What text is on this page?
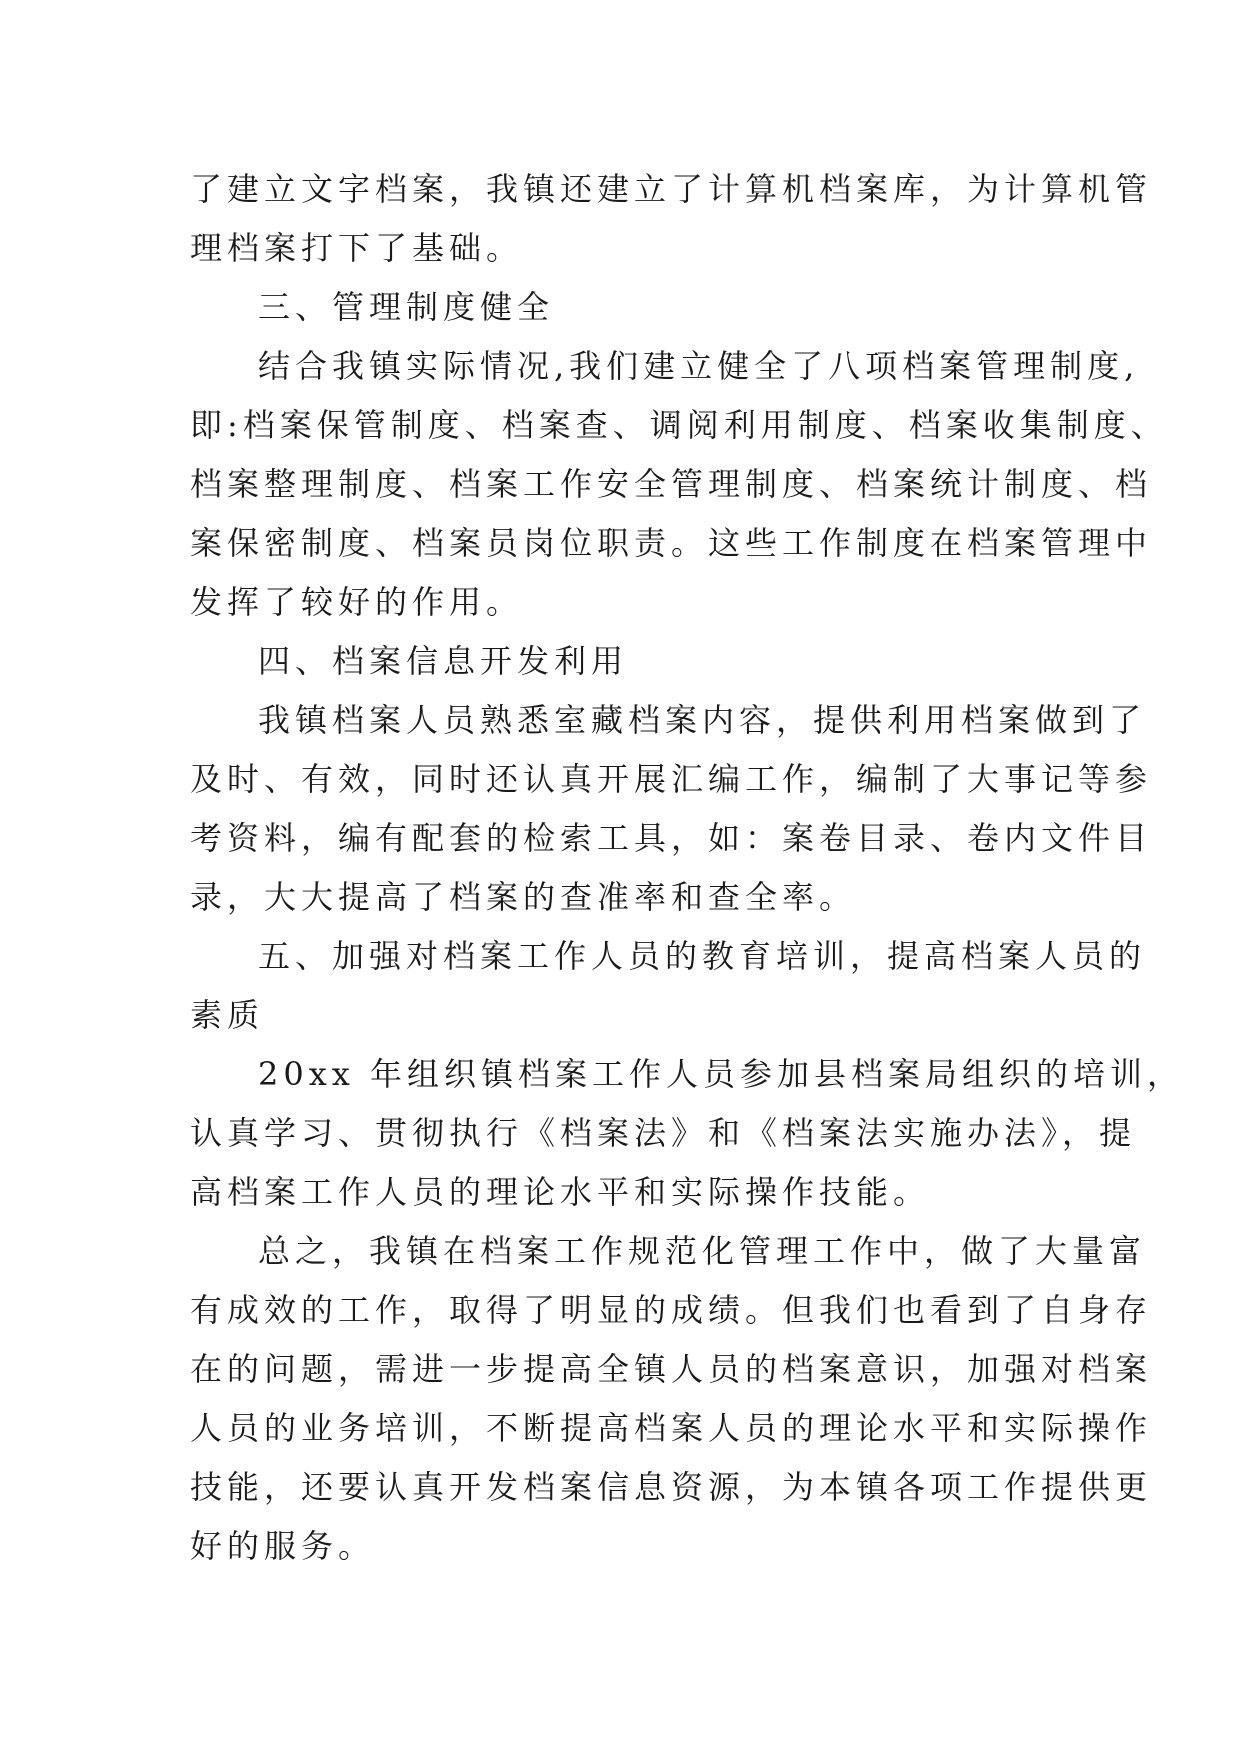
了建立文字档案，我镇还建立了计算机档案库，为计算机管
理档案打下了基础。
三、管理制度健全
结合我镇实际情况,我们建立健全了八项档案管理制度,
即:档案保管制度、档案查、调阅利用制度、档案收集制度、
档案整理制度、档案工作安全管理制度、档案统计制度、档
案保密制度、档案员岗位职责。这些工作制度在档案管理中
发挥了较好的作用。
四、档案信息开发利用
我镇档案人员熟悉室藏档案内容，提供利用档案做到了
及时、有效，同时还认真开展汇编工作，编制了大事记等参
考资料，编有配套的检索工具，如：案卷目录、卷内文件目
录，大大提高了档案的查准率和查全率。
五、加强对档案工作人员的教育培训，提高档案人员的
素质
20xx 年组织镇档案工作人员参加县档案局组织的培训，
认真学习、贯彻执行《档案法》和《档案法实施办法》，提
高档案工作人员的理论水平和实际操作技能。
总之，我镇在档案工作规范化管理工作中，做了大量富
有成效的工作，取得了明显的成绩。但我们也看到了自身存
在的问题，需进一步提高全镇人员的档案意识，加强对档案
人员的业务培训，不断提高档案人员的理论水平和实际操作
技能，还要认真开发档案信息资源，为本镇各项工作提供更
好的服务。
